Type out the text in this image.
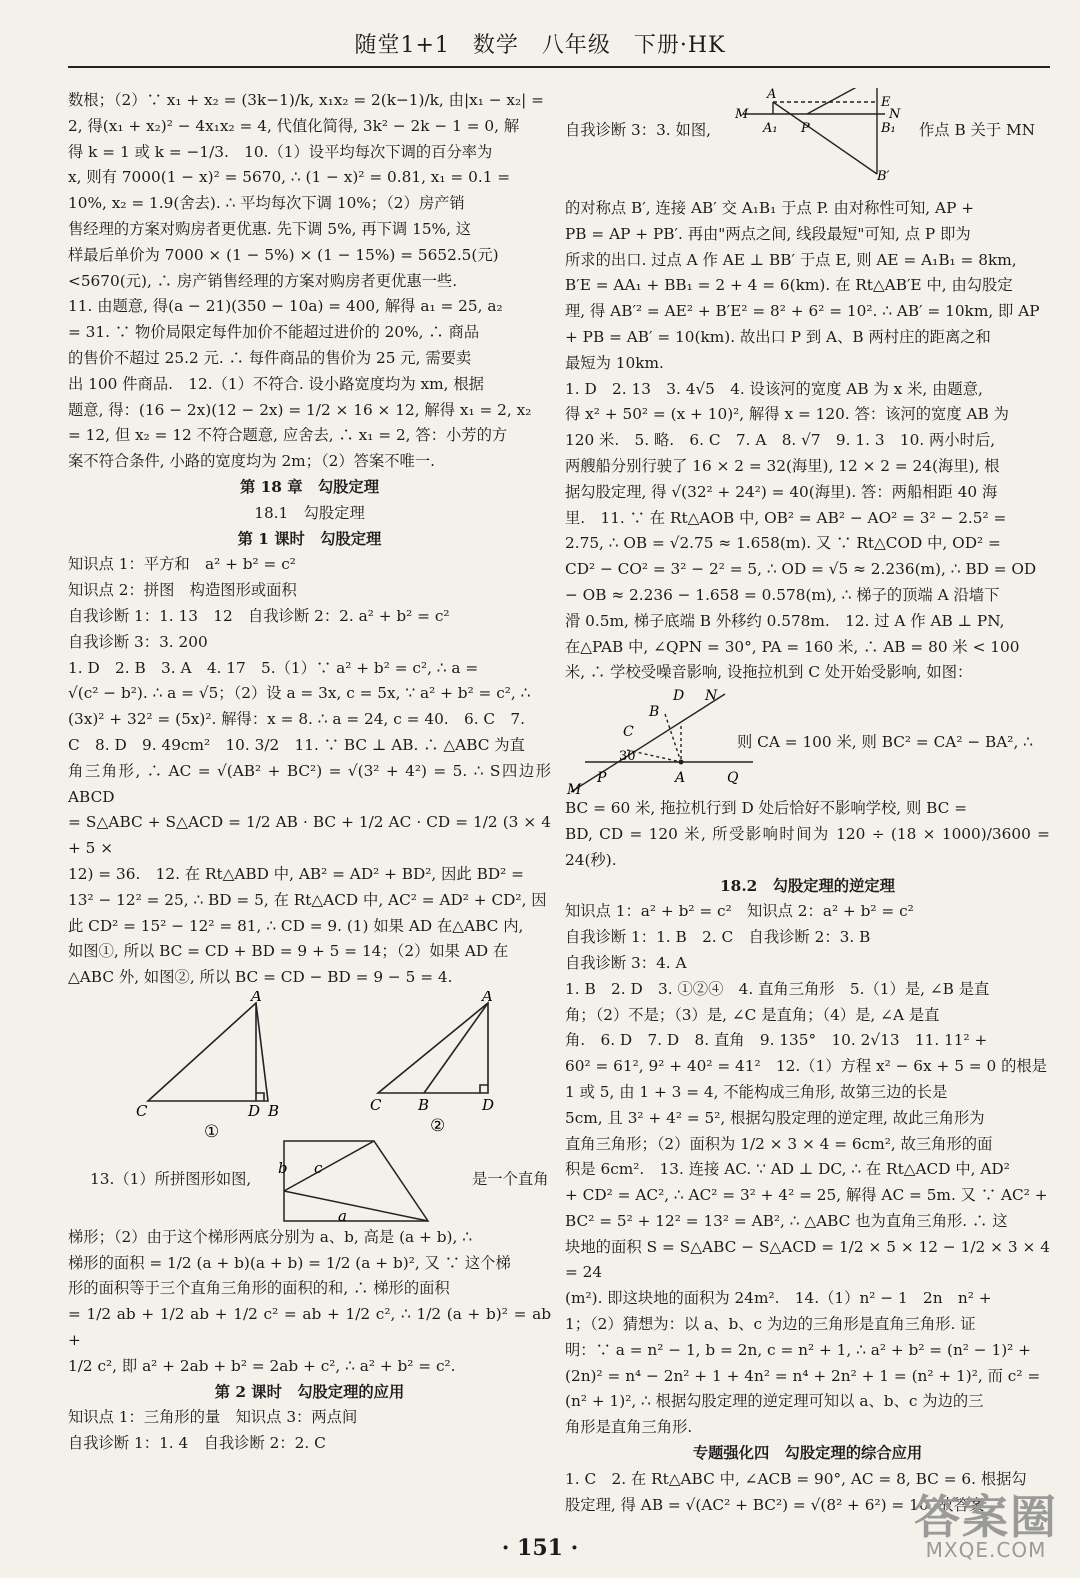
随堂1+1　数学　八年级　下册·HK

数根；（2）∵ x₁ + x₂ = (3k−1)/k, x₁x₂ = 2(k−1)/k, 由|x₁ − x₂| =

2, 得(x₁ + x₂)² − 4x₁x₂ = 4, 代值化简得, 3k² − 2k − 1 = 0, 解

得 k = 1 或 k = −1/3.　10.（1）设平均每次下调的百分率为

x, 则有 7000(1 − x)² = 5670, ∴ (1 − x)² = 0.81, x₁ = 0.1 =

10%, x₂ = 1.9(舍去). ∴ 平均每次下调 10%；（2）房产销

售经理的方案对购房者更优惠. 先下调 5%, 再下调 15%, 这

样最后单价为 7000 × (1 − 5%) × (1 − 15%) = 5652.5(元)

<5670(元), ∴ 房产销售经理的方案对购房者更优惠一些.

11. 由题意, 得(a − 21)(350 − 10a) = 400, 解得 a₁ = 25, a₂

= 31. ∵ 物价局限定每件加价不能超过进价的 20%, ∴ 商品

的售价不超过 25.2 元. ∴ 每件商品的售价为 25 元, 需要卖

出 100 件商品.　12.（1）不符合. 设小路宽度均为 xm, 根据

题意, 得：(16 − 2x)(12 − 2x) = 1/2 × 16 × 12, 解得 x₁ = 2, x₂

= 12, 但 x₂ = 12 不符合题意, 应舍去, ∴ x₁ = 2, 答：小芳的方

案不符合条件, 小路的宽度均为 2m；（2）答案不唯一.

第 18 章　勾股定理

18.1　勾股定理

第 1 课时　勾股定理

知识点 1：平方和　a² + b² = c²

知识点 2：拼图　构造图形或面积

自我诊断 1：1. 13　12　自我诊断 2：2. a² + b² = c²

自我诊断 3：3. 200

1. D　2. B　3. A　4. 17　5.（1）∵ a² + b² = c², ∴ a =

√(c² − b²). ∴ a = √5；（2）设 a = 3x, c = 5x, ∵ a² + b² = c², ∴

(3x)² + 32² = (5x)². 解得：x = 8. ∴ a = 24, c = 40.　6. C　7.

C　8. D　9. 49cm²　10. 3/2　11. ∵ BC ⊥ AB. ∴ △ABC 为直

角三角形, ∴ AC = √(AB² + BC²) = √(3² + 4²) = 5. ∴ S四边形ABCD

= S△ABC + S△ACD = 1/2 AB · BC + 1/2 AC · CD = 1/2 (3 × 4 + 5 ×

12) = 36.　12. 在 Rt△ABD 中, AB² = AD² + BD², 因此 BD² =

13² − 12² = 25, ∴ BD = 5, 在 Rt△ACD 中, AC² = AD² + CD², 因

此 CD² = 15² − 12² = 81, ∴ CD = 9. (1) 如果 AD 在△ABC 内,

如图①, 所以 BC = CD + BD = 9 + 5 = 14；（2）如果 AD 在

△ABC 外, 如图②, 所以 BC = CD − BD = 9 − 5 = 4.

A
C	D B
①
A
C B	D
②
13.（1）所拼图形如图,
b c
a
是一个直角

梯形；（2）由于这个梯形两底分别为 a、b, 高是 (a + b), ∴

梯形的面积 = 1/2 (a + b)(a + b) = 1/2 (a + b)², 又 ∵ 这个梯

形的面积等于三个直角三角形的面积的和, ∴ 梯形的面积

= 1/2 ab + 1/2 ab + 1/2 c² = ab + 1/2 c², ∴ 1/2 (a + b)² = ab +

1/2 c², 即 a² + 2ab + b² = 2ab + c², ∴ a² + b² = c².

第 2 课时　勾股定理的应用

知识点 1：三角形的量　知识点 3：两点间

自我诊断 1：1. 4　自我诊断 2：2. C

自我诊断 3：3. 如图,
A
B
M	N
E
A₁ P	B₁
B′
作点 B 关于 MN

的对称点 B′, 连接 AB′ 交 A₁B₁ 于点 P. 由对称性可知, AP +

PB = AP + PB′. 再由"两点之间, 线段最短"可知, 点 P 即为

所求的出口. 过点 A 作 AE ⊥ BB′ 于点 E, 则 AE = A₁B₁ = 8km,

B′E = AA₁ + BB₁ = 2 + 4 = 6(km). 在 Rt△AB′E 中, 由勾股定

理, 得 AB′² = AE² + B′E² = 8² + 6² = 10². ∴ AB′ = 10km, 即 AP

+ PB = AB′ = 10(km). 故出口 P 到 A、B 两村庄的距离之和

最短为 10km.

1. D　2. 13　3. 4√5　4. 设该河的宽度 AB 为 x 米, 由题意,

得 x² + 50² = (x + 10)², 解得 x = 120. 答：该河的宽度 AB 为

120 米.　5. 略.　6. C　7. A　8. √7　9. 1. 3　10. 两小时后,

两艘船分别行驶了 16 × 2 = 32(海里), 12 × 2 = 24(海里), 根

据勾股定理, 得 √(32² + 24²) = 40(海里). 答：两船相距 40 海

里.　11. ∵ 在 Rt△AOB 中, OB² = AB² − AO² = 3² − 2.5² =

2.75, ∴ OB = √2.75 ≈ 1.658(m). 又 ∵ Rt△COD 中, OD² =

CD² − CO² = 3² − 2² = 5, ∴ OD = √5 ≈ 2.236(m), ∴ BD = OD

− OB ≈ 2.236 − 1.658 = 0.578(m), ∴ 梯子的顶端 A 沿墙下

滑 0.5m, 梯子底端 B 外移约 0.578m.　12. 过 A 作 AB ⊥ PN,

在△PAB 中, ∠QPN = 30°, PA = 160 米, ∴ AB = 80 米 < 100

米, ∴ 学校受噪音影响, 设拖拉机到 C 处开始受影响, 如图：

D N
B
C
30
P	A	Q
M
则 CA = 100 米, 则 BC² = CA² − BA², ∴

BC = 60 米, 拖拉机行到 D 处后恰好不影响学校, 则 BC =

BD, CD = 120 米, 所受影响时间为 120 ÷ (18 × 1000)/3600 = 24(秒).

18.2　勾股定理的逆定理

知识点 1：a² + b² = c²　知识点 2：a² + b² = c²

自我诊断 1：1. B　2. C　自我诊断 2：3. B

自我诊断 3：4. A

1. B　2. D　3. ①②④　4. 直角三角形　5.（1）是, ∠B 是直

角；（2）不是；（3）是, ∠C 是直角；（4）是, ∠A 是直

角.　6. D　7. D　8. 直角　9. 135°　10. 2√13　11. 11² +

60² = 61², 9² + 40² = 41²　12.（1）方程 x² − 6x + 5 = 0 的根是

1 或 5, 由 1 + 3 = 4, 不能构成三角形, 故第三边的长是

5cm, 且 3² + 4² = 5², 根据勾股定理的逆定理, 故此三角形为

直角三角形；（2）面积为 1/2 × 3 × 4 = 6cm², 故三角形的面

积是 6cm².　13. 连接 AC. ∵ AD ⊥ DC, ∴ 在 Rt△ACD 中, AD²

+ CD² = AC², ∴ AC² = 3² + 4² = 25, 解得 AC = 5m. 又 ∵ AC² +

BC² = 5² + 12² = 13² = AB², ∴ △ABC 也为直角三角形. ∴ 这

块地的面积 S = S△ABC − S△ACD = 1/2 × 5 × 12 − 1/2 × 3 × 4 = 24

(m²). 即这块地的面积为 24m².　14.（1）n² − 1　2n　n² +

1；（2）猜想为：以 a、b、c 为边的三角形是直角三角形. 证

明：∵ a = n² − 1, b = 2n, c = n² + 1, ∴ a² + b² = (n² − 1)² +

(2n)² = n⁴ − 2n² + 1 + 4n² = n⁴ + 2n² + 1 = (n² + 1)², 而 c² =

(n² + 1)², ∴ 根据勾股定理的逆定理可知以 a、b、c 为边的三

角形是直角三角形.

专题强化四　勾股定理的综合应用

1. C　2. 在 Rt△ABC 中, ∠ACB = 90°, AC = 8, BC = 6. 根据勾

股定理, 得 AB = √(AC² + BC²) = √(8² + 6²) = 10, 故答案

· 151 ·
答案圈
MXQE.COM
